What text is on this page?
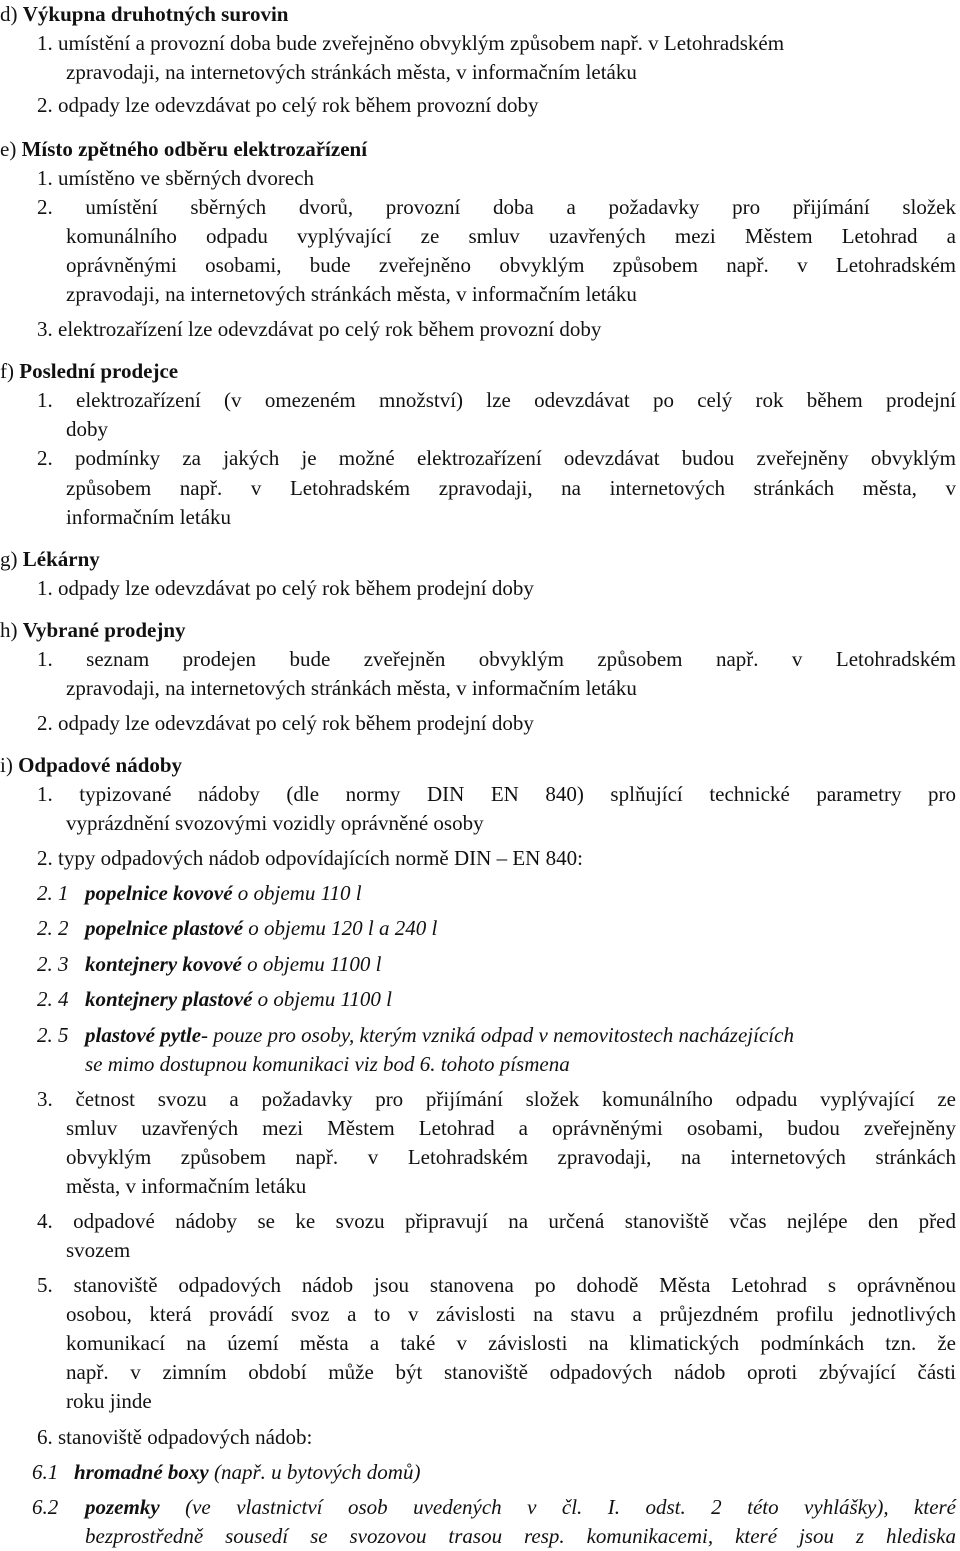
d) Výkupna druhotných surovin
1. umístění a provozní doba bude zveřejněno obvyklým způsobem např. v Letohradském
zpravodaji, na internetových stránkách města, v informačním letáku
2. odpady lze odevzdávat po celý rok během provozní doby
e) Místo zpětného odběru elektrozařízení
1. umístěno ve sběrných dvorech
2. umístění sběrných dvorů, provozní doba a požadavky pro přijímání složek
komunálního odpadu vyplývající ze smluv uzavřených mezi Městem Letohrad a
oprávněnými osobami, bude zveřejněno obvyklým způsobem např. v Letohradském
zpravodaji, na internetových stránkách města, v informačním letáku
3. elektrozařízení lze odevzdávat po celý rok během provozní doby
f) Poslední prodejce
1. elektrozařízení (v omezeném množství) lze odevzdávat po celý rok během prodejní
doby
2. podmínky za jakých je možné elektrozařízení odevzdávat budou zveřejněny obvyklým
způsobem např. v Letohradském zpravodaji, na internetových stránkách města, v
informačním letáku
g) Lékárny
1. odpady lze odevzdávat po celý rok během prodejní doby
h) Vybrané prodejny
1. seznam prodejen bude zveřejněn obvyklým způsobem např. v Letohradském
zpravodaji, na internetových stránkách města, v informačním letáku
2. odpady lze odevzdávat po celý rok během prodejní doby
i) Odpadové nádoby
1. typizované nádoby (dle normy DIN EN 840) splňující technické parametry pro
vyprázdnění svozovými vozidly oprávněné osoby
2. typy odpadových nádob odpovídajících normě DIN – EN 840:
2. 1 popelnice kovové o objemu 110 l
2. 2 popelnice plastové o objemu 120 l a 240 l
2. 3 kontejnery kovové o objemu 1100 l
2. 4 kontejnery plastové o objemu 1100 l
2. 5 plastové pytle- pouze pro osoby, kterým vzniká odpad v nemovitostech nacházejících
se mimo dostupnou komunikaci viz bod 6. tohoto písmena
3. četnost svozu a požadavky pro přijímání složek komunálního odpadu vyplývající ze
smluv uzavřených mezi Městem Letohrad a oprávněnými osobami, budou zveřejněny
obvyklým způsobem např. v Letohradském zpravodaji, na internetových stránkách
města, v informačním letáku
4. odpadové nádoby se ke svozu připravují na určená stanoviště včas nejlépe den před
svozem
5. stanoviště odpadových nádob jsou stanovena po dohodě Města Letohrad s oprávněnou
osobou, která provádí svoz a to v závislosti na stavu a průjezdném profilu jednotlivých
komunikací na území města a také v závislosti na klimatických podmínkách tzn. že
např. v zimním období může být stanoviště odpadových nádob oproti zbývající části
roku jinde
6. stanoviště odpadových nádob:
6.1 hromadné boxy (např. u bytových domů)
6.2 pozemky (ve vlastnictví osob uvedených v čl. I. odst. 2 této vyhlášky), které
bezprostředně sousedí se svozovou trasou resp. komunikacemi, které jsou z hlediska
